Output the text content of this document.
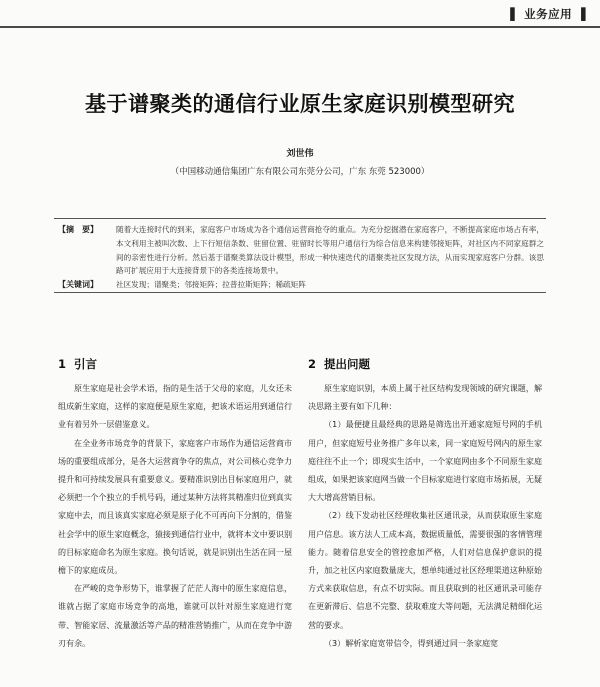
▌ 业务应用 ▐
基于谱聚类的通信行业原生家庭识别模型研究
刘世伟
（中国移动通信集团广东有限公司东莞分公司，广东 东莞 523000）
【摘　要】 随着大连接时代的到来，家庭客户市场成为各个通信运营商抢夺的重点。为充分挖掘潜在家庭客户，不断提高家庭市场占有率，本文利用主被叫次数、上下行短信条数、驻留位置、驻留时长等用户通信行为综合信息来构建邻接矩阵，对社区内不同家庭群之间的亲密性进行分析。然后基于谱聚类算法设计模型，形成一种快速迭代的谱聚类社区发现方法，从而实现家庭客户分群。该思路可扩展应用于大连接背景下的各类连接场景中。
【关键词】 社区发现；谱聚类；邻接矩阵；拉普拉斯矩阵；稀疏矩阵
1 引言

原生家庭是社会学术语，指的是生活于父母的家庭，儿女还未组成新生家庭，这样的家庭便是原生家庭，把该术语运用到通信行业有着另外一层借鉴意义。

在全业务市场竞争的背景下，家庭客户市场作为通信运营商市场的重要组成部分，是各大运营商争夺的焦点，对公司核心竞争力提升和可持续发展具有重要意义。要精准识别出目标家庭用户，就必须把一个个独立的手机号码，通过某种方法将其精准归位到真实家庭中去，而且该真实家庭必须是原子化不可再向下分割的，借鉴社会学中的原生家庭概念，猿接到通信行业中，就将本文中要识别的目标家庭命名为原生家庭。换句话说，就是识别出生活在同一屋檐下的家庭成员。

在严峻的竞争形势下，谁掌握了茫茫人海中的原生家庭信息，谁就占据了家庭市场竞争的高地，谁就可以针对原生家庭进行宽带、智能家居、流量激活等产品的精准营销推广，从而在竞争中游刃有余。

2 提出问题

原生家庭识别，本质上属于社区结构发现领域的研究课题，解决思路主要有如下几种：

（1）最便捷且最经典的思路是筛选出开通家庭短号网的手机用户，但家庭短号业务推广多年以来，同一家庭短号网内的原生家庭往往不止一个；即现实生活中，一个家庭网由多个不同原生家庭组成，如果把该家庭网当做一个目标家庭进行家庭市场拓展，无疑大大增高营销目标。

（2）线下发动社区经理收集社区通讯录，从而获取原生家庭用户信息。该方法人工成本高，数据质量低，需要很强的客情管理能力。随着信息安全的管控愈加严格，人们对信息保护意识的提升，加之社区内家庭数量庞大，想单纯通过社区经理渠道这种原始方式来获取信息，有点不切实际。而且获取到的社区通讯录可能存在更新滞后、信息不完整、获取难度大等问题，无法满足精细化运营的要求。

（3）解析家庭宽带信令，得到通过同一条家庭宽
